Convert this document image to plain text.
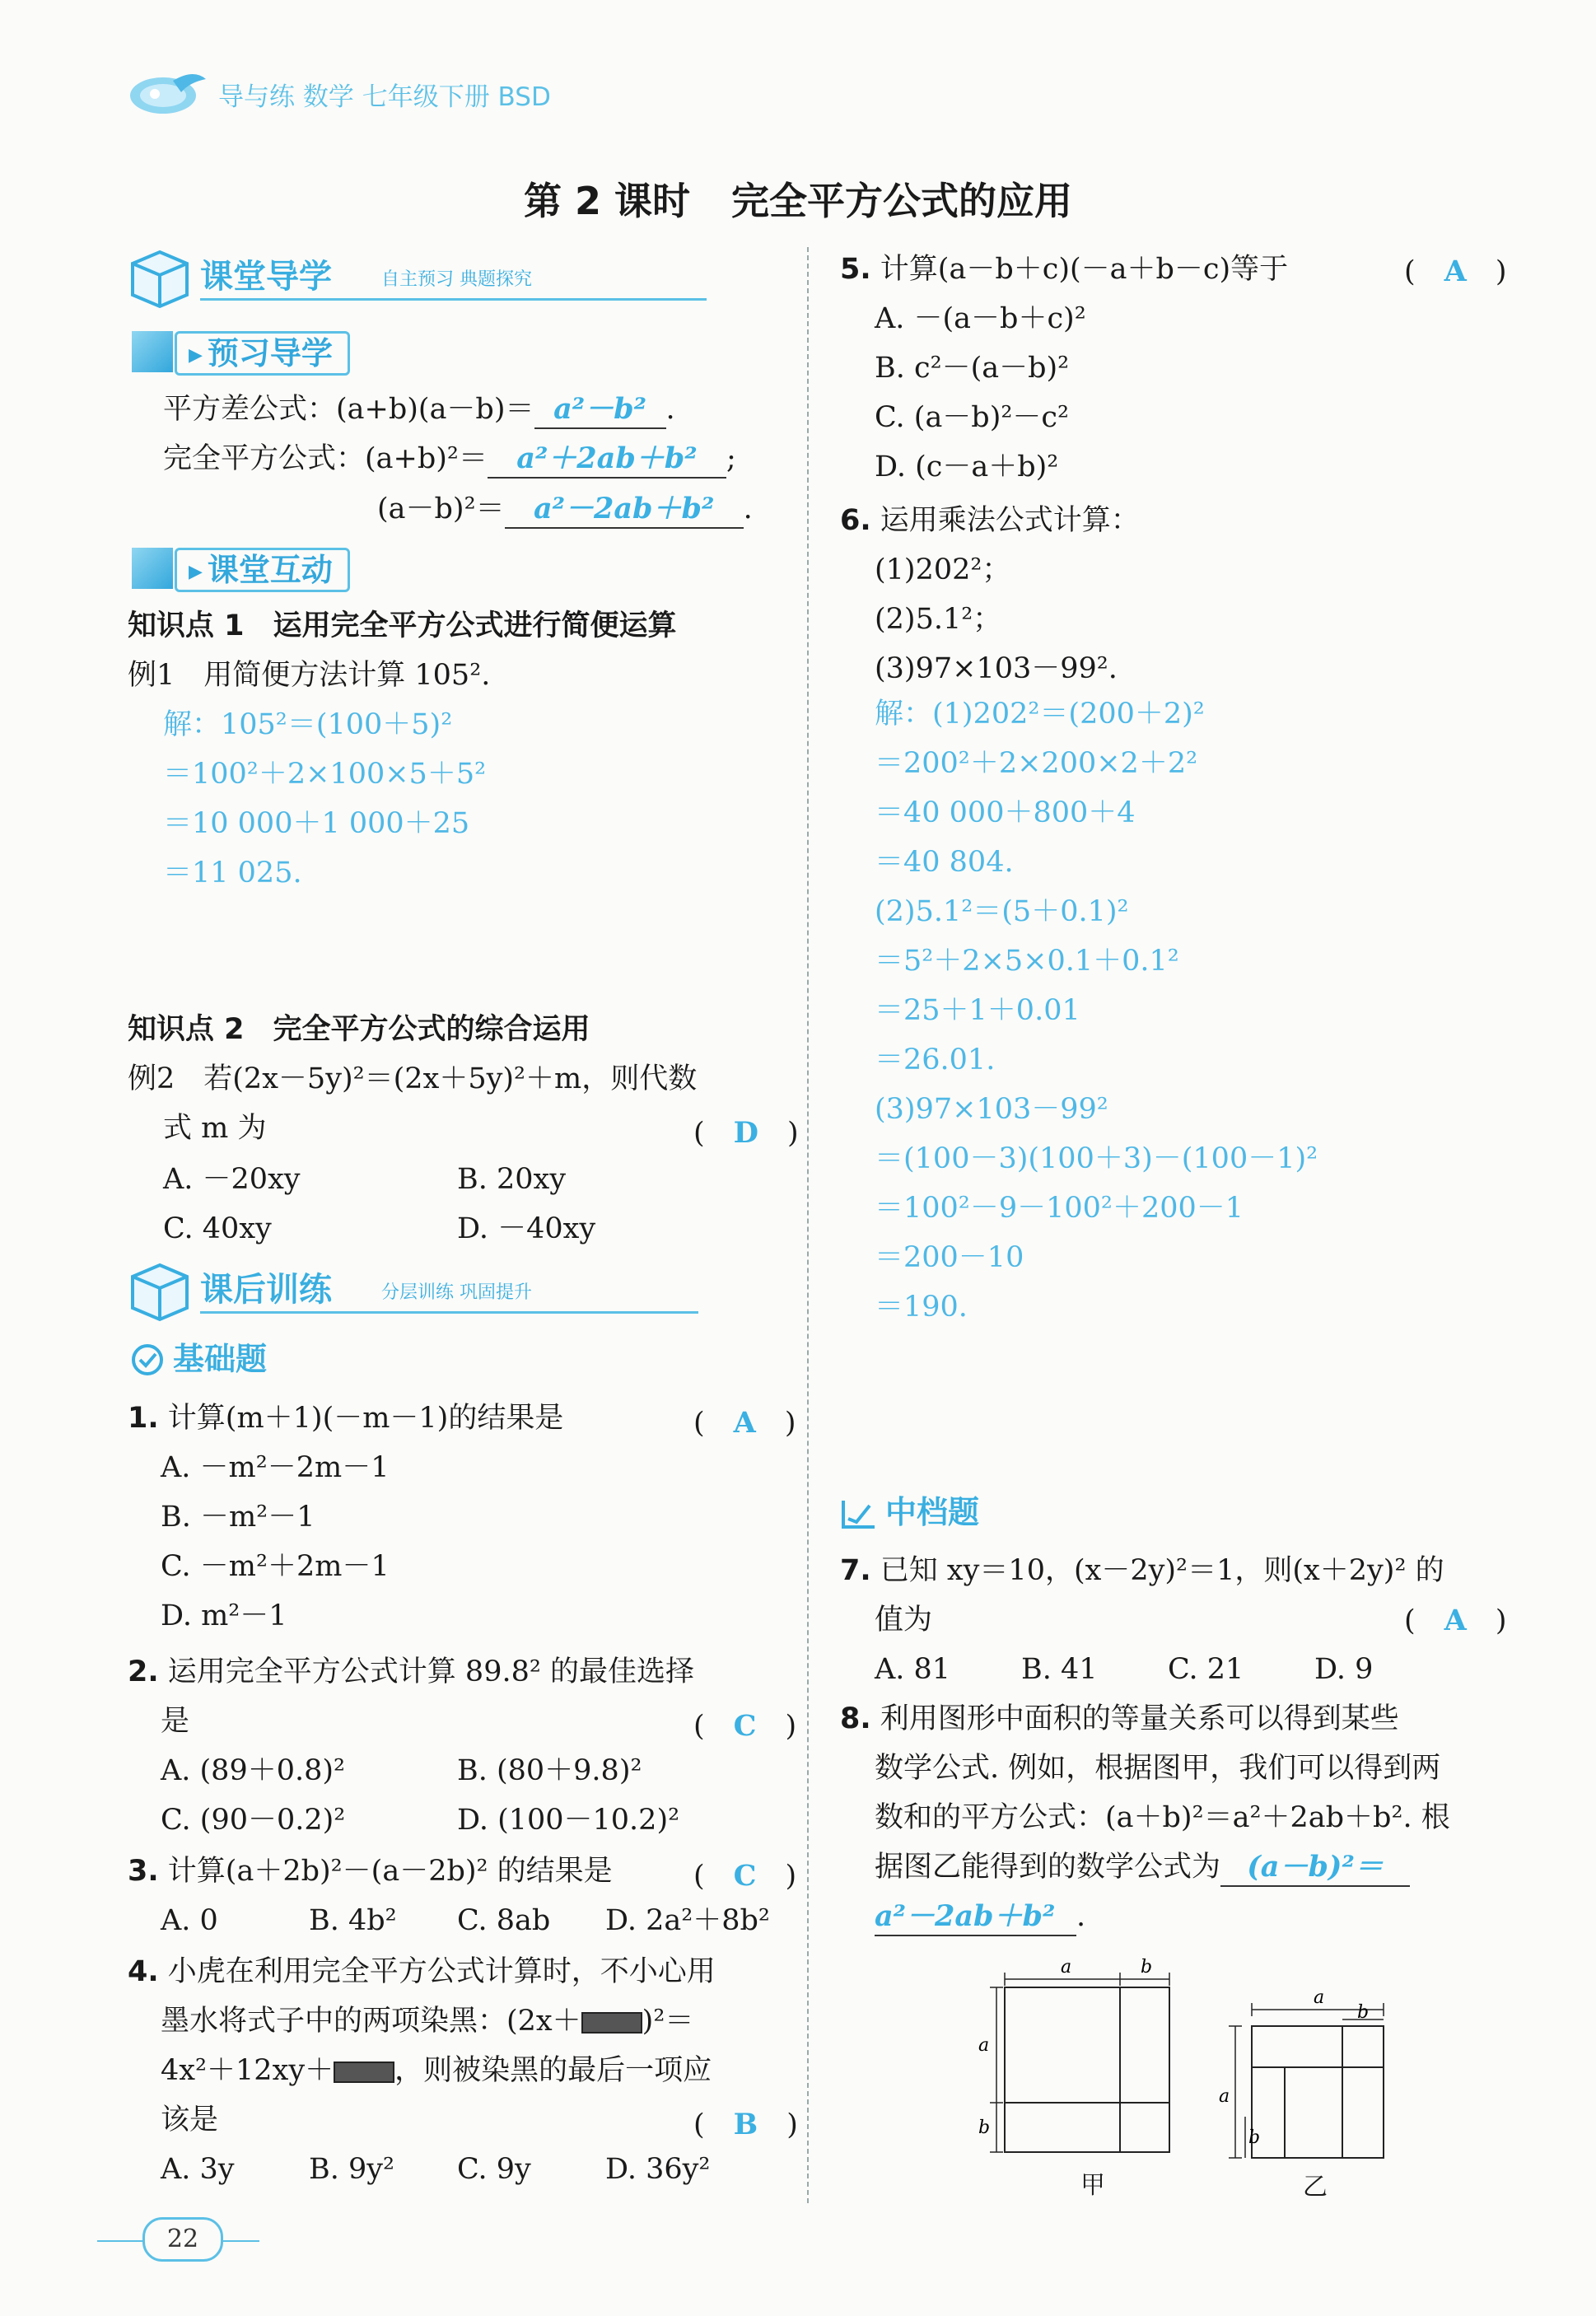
导与练 数学 七年级下册 BSD
第 2 课时 完全平方公式的应用
课堂导学	自主预习 典题探究
▶ 预习导学
平方差公式：(a+b)(a－b)＝ a²－b² .
完全平方公式：(a+b)²＝ a²＋2ab＋b² ;
(a－b)²＝ a²－2ab＋b² .
▶ 课堂互动
知识点 1　运用完全平方公式进行简便运算
例1　用简便方法计算 105².
解：105²＝(100＋5)²
＝100²＋2×100×5＋5²
＝10 000＋1 000＋25
＝11 025.
知识点 2　完全平方公式的综合运用
例2　若(2x－5y)²＝(2x＋5y)²＋m，则代数
式 m 为	(　D　)
A. －20xy	B. 20xy
C. 40xy	D. －40xy
课后训练	分层训练 巩固提升
基础题
1. 计算(m＋1)(－m－1)的结果是	(　A　)
A. －m²－2m－1
B. －m²－1
C. －m²＋2m－1
D. m²－1
2. 运用完全平方公式计算 89.8² 的最佳选择
是	(　C　)
A. (89＋0.8)²	B. (80＋9.8)²
C. (90－0.2)²	D. (100－10.2)²
3. 计算(a＋2b)²－(a－2b)² 的结果是	(　C　)
A. 0	B. 4b² C. 8ab D. 2a²＋8b²
4. 小虎在利用完全平方公式计算时，不小心用
墨水将式子中的两项染黑：(2x＋ )²＝
4x²＋12xy＋ ，则被染黑的最后一项应
该是	(　B　)
A. 3y	B. 9y² C. 9y	D. 36y²
5. 计算(a－b＋c)(－a＋b－c)等于	(　A　)
A. －(a－b＋c)²
B. c²－(a－b)²
C. (a－b)²－c²
D. (c－a＋b)²
6. 运用乘法公式计算：
(1)202²；
(2)5.1²；
(3)97×103－99².
解：(1)202²＝(200＋2)²
＝200²＋2×200×2＋2²
＝40 000＋800＋4
＝40 804.
(2)5.1²＝(5＋0.1)²
＝5²＋2×5×0.1＋0.1²
＝25＋1＋0.01
＝26.01.
(3)97×103－99²
＝(100－3)(100＋3)－(100－1)²
＝100²－9－100²＋200－1
＝200－10
＝190.
中档题
7. 已知 xy＝10，(x－2y)²＝1，则(x＋2y)² 的
值为	(　A　)
A. 81 B. 41 C. 21 D. 9
8. 利用图形中面积的等量关系可以得到某些
数学公式. 例如，根据图甲，我们可以得到两
数和的平方公式：(a＋b)²＝a²＋2ab＋b². 根
据图乙能得到的数学公式为 (a－b)²＝
a²－2ab＋b² .
a	b
a
b
甲
a
b
a
b
乙
22
